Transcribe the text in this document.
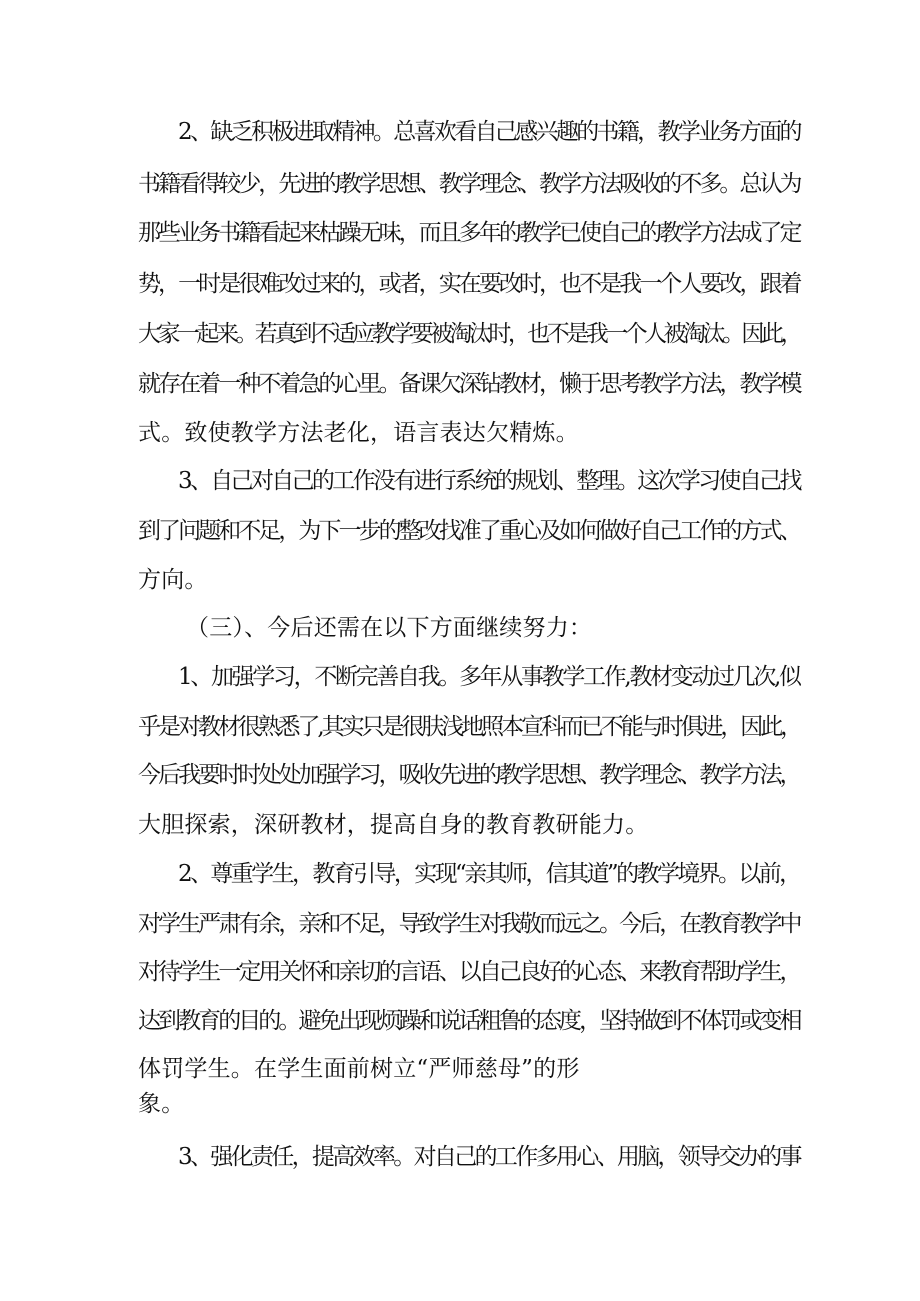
2、缺乏积极进取精神。总喜欢看自己感兴趣的书籍，教学业务方面的
书籍看得较少，先进的教学思想、教学理念、教学方法吸收的不多。总认为
那些业务书籍看起来枯躁无味，而且多年的教学已使自己的教学方法成了定
势，一时是很难改过来的，或者，实在要改时，也不是我一个人要改，跟着
大家一起来。若真到不适应教学要被淘汰时，也不是我一个人被淘汰。因此，
就存在着一种不着急的心里。备课欠深钻教材，懒于思考教学方法，教学模
式。致使教学方法老化，语言表达欠精炼。
3、自己对自己的工作没有进行系统的规划、整理。这次学习使自己找
到了问题和不足，为下一步的整改找准了重心及如何做好自己工作的方式、
方向。
（三）、今后还需在以下方面继续努力：
1、加强学习，不断完善自我。多年从事教学工作,教材变动过几次,似
乎是对教材很熟悉了,其实只是很肤浅地照本宣科而已不能与时俱进，因此，
今后我要时时处处加强学习，吸收先进的教学思想、教学理念、教学方法，
大胆探索，深研教材，提高自身的教育教研能力。
2、尊重学生，教育引导，实现“亲其师，信其道”的教学境界。以前，
对学生严肃有余，亲和不足，导致学生对我敬而远之。今后，在教育教学中
对待学生一定用关怀和亲切的言语、以自己良好的心态、来教育帮助学生，
达到教育的目的。避免出现烦躁和说话粗鲁的态度，坚持做到不体罚或变相
体罚学生。在学生面前树立“严师慈母”的形
象。
3、强化责任，提高效率。对自己的工作多用心、用脑，领导交办的事
